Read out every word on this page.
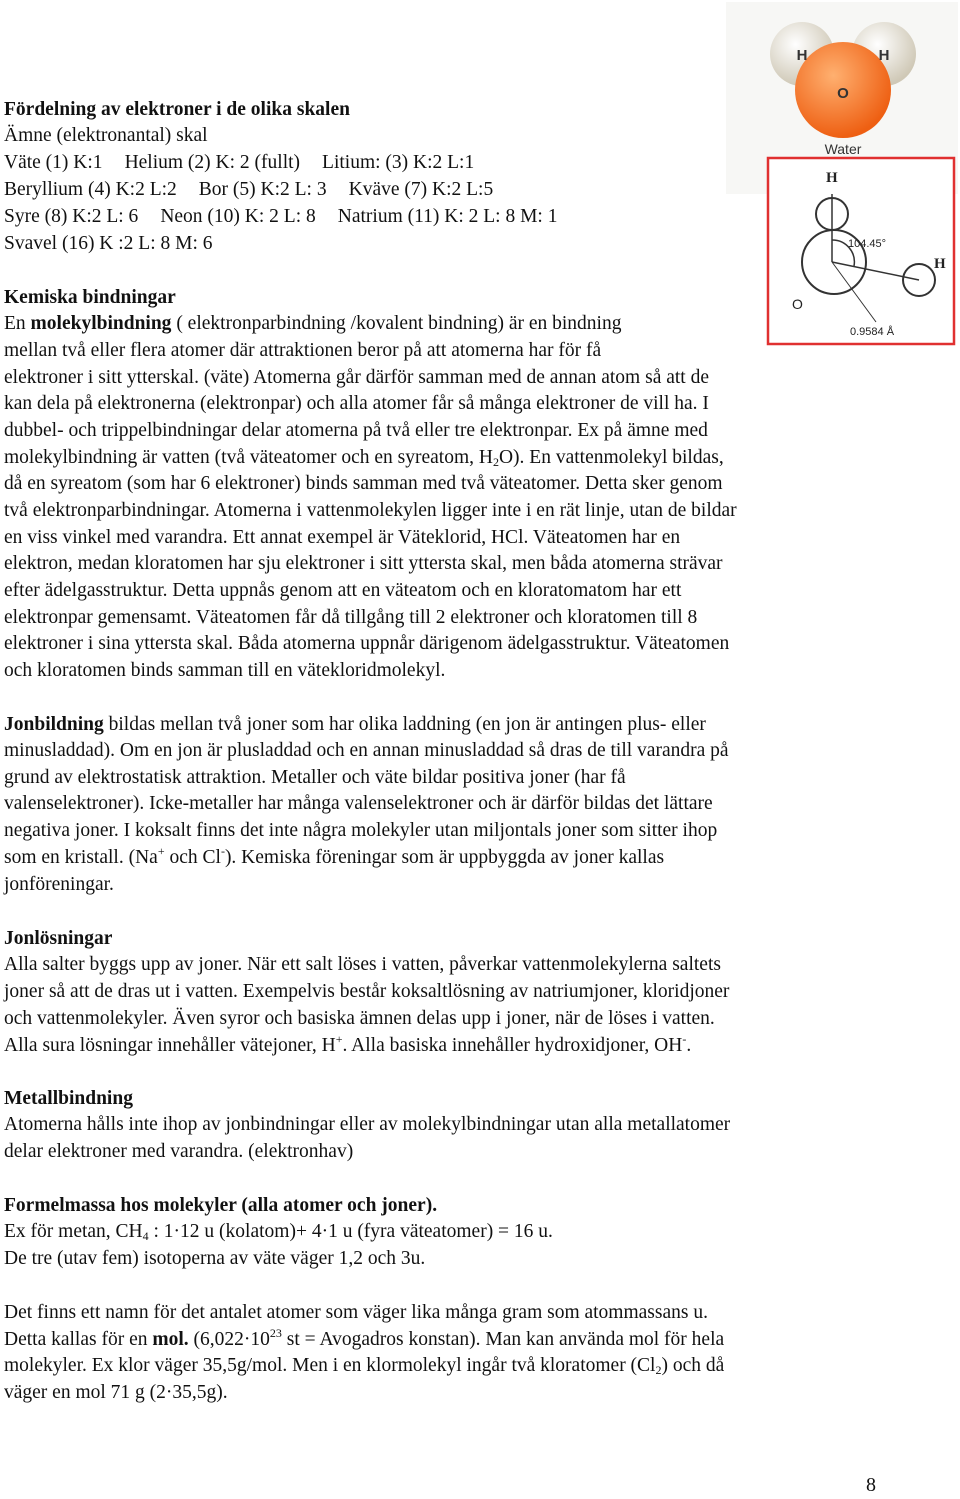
H	H
O
Water
H
H
O
104.45°
0.9584 Å
Fördelning av elektroner i de olika skalen
Ämne (elektronantal) skal
Väte (1) K:1 Helium (2) K: 2 (fullt) Litium: (3) K:2 L:1
Beryllium (4) K:2 L:2 Bor (5) K:2 L: 3 Kväve (7) K:2 L:5
Syre (8) K:2 L: 6 Neon (10) K: 2 L: 8 Natrium (11) K: 2 L: 8 M: 1
Svavel (16) K :2 L: 8 M: 6
Kemiska bindningar
En molekylbindning ( elektronparbindning /kovalent bindning) är en bindning
mellan två eller flera atomer där attraktionen beror på att atomerna har för få
elektroner i sitt ytterskal. (väte) Atomerna går därför samman med de annan atom så att de
kan dela på elektronerna (elektronpar) och alla atomer får så många elektroner de vill ha. I
dubbel- och trippelbindningar delar atomerna på två eller tre elektronpar. Ex på ämne med
molekylbindning är vatten (två väteatomer och en syreatom, $H_2O$). En vattenmolekyl bildas,
då en syreatom (som har 6 elektroner) binds samman med två väteatomer. Detta sker genom
två elektronparbindningar. Atomerna i vattenmolekylen ligger inte i en rät linje, utan de bildar
en viss vinkel med varandra. Ett annat exempel är Väteklorid, HCl. Väteatomen har en
elektron, medan kloratomen har sju elektroner i sitt yttersta skal, men båda atomerna strävar
efter ädelgasstruktur. Detta uppnås genom att en väteatom och en kloratomatom har ett
elektronpar gemensamt. Väteatomen får då tillgång till 2 elektroner och kloratomen till 8
elektroner i sina yttersta skal. Båda atomerna uppnår därigenom ädelgasstruktur. Väteatomen
och kloratomen binds samman till en vätekloridmolekyl.
Jonbildning bildas mellan två joner som har olika laddning (en jon är antingen plus- eller
minusladdad). Om en jon är plusladdad och en annan minusladdad så dras de till varandra på
grund av elektrostatisk attraktion. Metaller och väte bildar positiva joner (har få
valenselektroner). Icke-metaller har många valenselektroner och är därför bildas det lättare
negativa joner. I koksalt finns det inte några molekyler utan miljontals joner som sitter ihop
som en kristall. (Na+ och Cl-). Kemiska föreningar som är uppbyggda av joner kallas
jonföreningar.
Jonlösningar
Alla salter byggs upp av joner. När ett salt löses i vatten, påverkar vattenmolekylerna saltets
joner så att de dras ut i vatten. Exempelvis består koksaltlösning av natriumjoner, kloridjoner
och vattenmolekyler. Även syror och basiska ämnen delas upp i joner, när de löses i vatten.
Alla sura lösningar innehåller vätejoner, H+. Alla basiska innehåller hydroxidjoner, OH-.
Metallbindning
Atomerna hålls inte ihop av jonbindningar eller av molekylbindningar utan alla metallatomer
delar elektroner med varandra. (elektronhav)
Formelmassa hos molekyler (alla atomer och joner).
Ex för metan, $CH_4$ : 1·12 u (kolatom)+ 4·1 u (fyra väteatomer) = 16 u.
De tre (utav fem) isotoperna av väte väger 1,2 och 3u.
Det finns ett namn för det antalet atomer som väger lika många gram som atommassans u.
Detta kallas för en mol. ($6,022\cdot 10^{23}$ st = Avogadros konstan). Man kan använda mol för hela
molekyler. Ex klor väger 35,5g/mol. Men i en klormolekyl ingår två kloratomer $(Cl_2)$ och då
väger en mol 71 g (2·35,5g).
8
